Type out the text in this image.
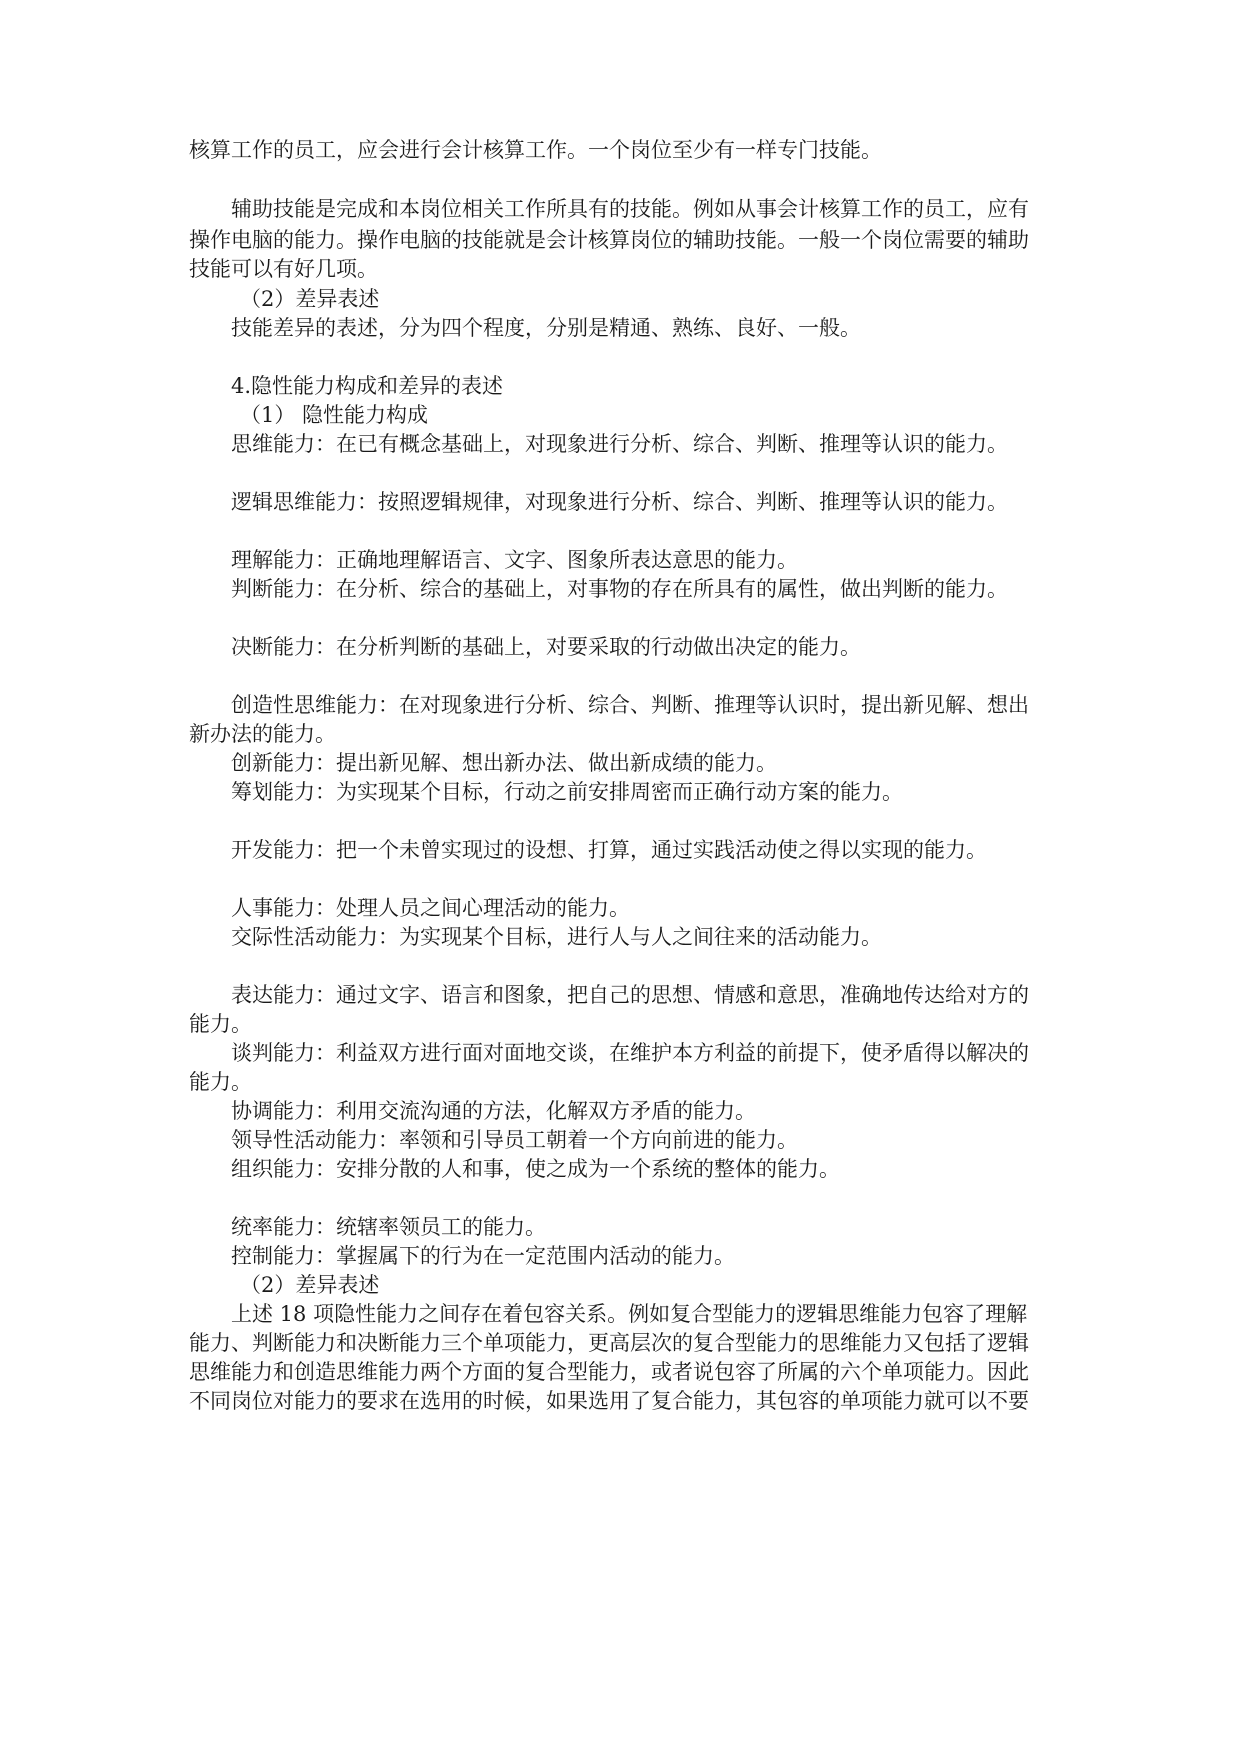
核算工作的员工，应会进行会计核算工作。一个岗位至少有一样专门技能。
辅助技能是完成和本岗位相关工作所具有的技能。例如从事会计核算工作的员工，应有
操作电脑的能力。操作电脑的技能就是会计核算岗位的辅助技能。一般一个岗位需要的辅助
技能可以有好几项。
（2）差异表述
技能差异的表述，分为四个程度，分别是精通、熟练、良好、一般。
4.隐性能力构成和差异的表述
（1） 隐性能力构成
思维能力：在已有概念基础上，对现象进行分析、综合、判断、推理等认识的能力。
逻辑思维能力：按照逻辑规律，对现象进行分析、综合、判断、推理等认识的能力。
理解能力：正确地理解语言、文字、图象所表达意思的能力。
判断能力：在分析、综合的基础上，对事物的存在所具有的属性，做出判断的能力。
决断能力：在分析判断的基础上，对要采取的行动做出决定的能力。
创造性思维能力：在对现象进行分析、综合、判断、推理等认识时，提出新见解、想出
新办法的能力。
创新能力：提出新见解、想出新办法、做出新成绩的能力。
筹划能力：为实现某个目标，行动之前安排周密而正确行动方案的能力。
开发能力：把一个未曾实现过的设想、打算，通过实践活动使之得以实现的能力。
人事能力：处理人员之间心理活动的能力。
交际性活动能力：为实现某个目标，进行人与人之间往来的活动能力。
表达能力：通过文字、语言和图象，把自己的思想、情感和意思，准确地传达给对方的
能力。
谈判能力：利益双方进行面对面地交谈，在维护本方利益的前提下，使矛盾得以解决的
能力。
协调能力：利用交流沟通的方法，化解双方矛盾的能力。
领导性活动能力：率领和引导员工朝着一个方向前进的能力。
组织能力：安排分散的人和事，使之成为一个系统的整体的能力。
统率能力：统辖率领员工的能力。
控制能力：掌握属下的行为在一定范围内活动的能力。
（2）差异表述
上述 18 项隐性能力之间存在着包容关系。例如复合型能力的逻辑思维能力包容了理解
能力、判断能力和决断能力三个单项能力，更高层次的复合型能力的思维能力又包括了逻辑
思维能力和创造思维能力两个方面的复合型能力，或者说包容了所属的六个单项能力。因此
不同岗位对能力的要求在选用的时候，如果选用了复合能力，其包容的单项能力就可以不要
